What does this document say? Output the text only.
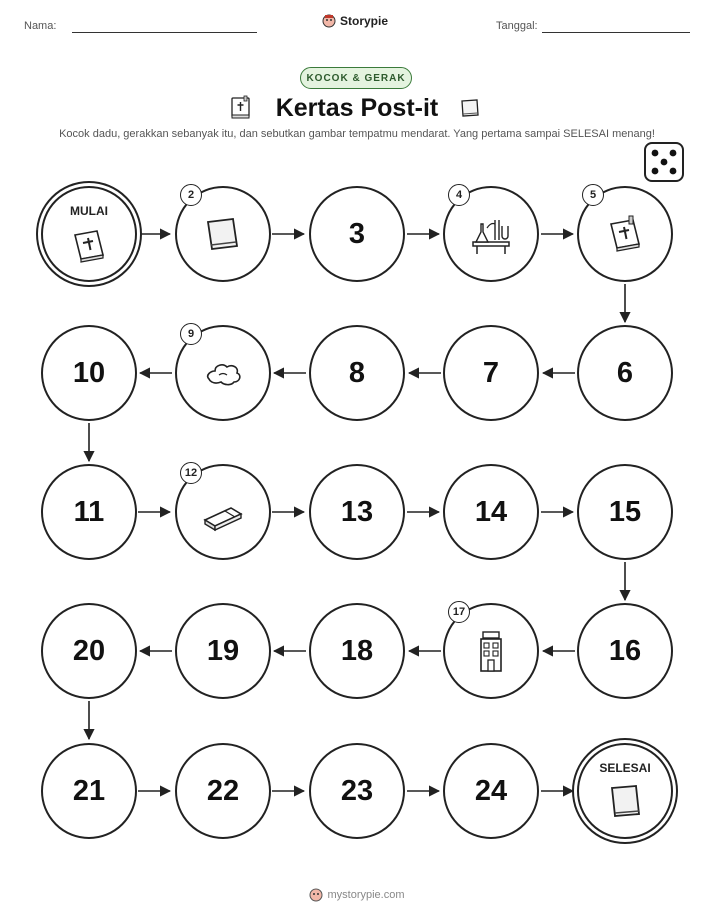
Nama:	Storypie	Tanggal:
KOCOK & GERAK
Kertas Post-it
Kocok dadu, gerakkan sebanyak itu, dan sebutkan gambar tempatmu mendarat. Yang pertama sampai SELESAI menang!
MULAI
2
3
4	5
10
9
8	7	6
11
12
13	14	15
20	19	18
17
16
21	22	23	24
SELESAI
mystorypie.com
